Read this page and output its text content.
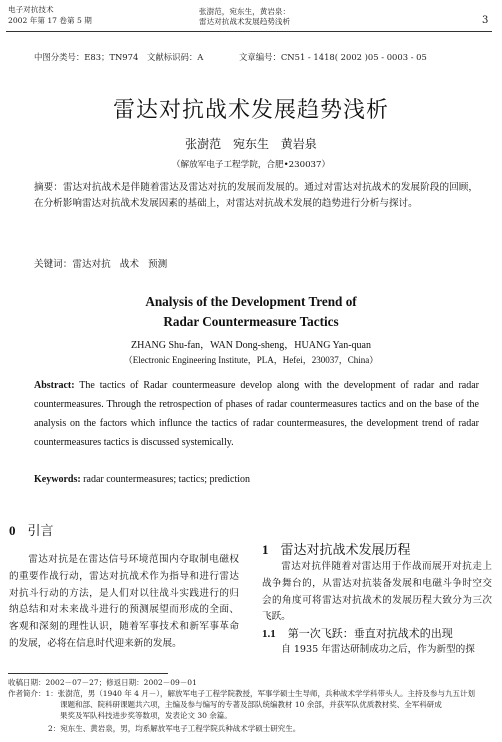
电子对抗技术
2002 年第 17 卷第 5 期
张澍范，宛东生，黄岩泉：
雷达对抗战术发展趋势浅析	3
中图分类号：E83；TN974 文献标识码：A	文章编号：CN51 - 1418( 2002 )05 - 0003 - 05
雷达对抗战术发展趋势浅析
张澍范 宛东生 黄岩泉
（解放军电子工程学院，合肥•230037）
摘要：雷达对抗战术是伴随着雷达及雷达对抗的发展而发展的。通过对雷达对抗战术的发展阶段的回顾，在分析影响雷达对抗战术发展因素的基础上，对雷达对抗战术发展的趋势进行分析与探讨。
关键词：雷达对抗 战术 预测
Analysis of the Development Trend of
Radar Countermeasure Tactics
ZHANG Shu-fan，WAN Dong-sheng，HUANG Yan-quan
（Electronic Engineering Institute，PLA，Hefei，230037，China）
Abstract: The tactics of Radar countermeasure develop along with the development of radar and radar countermeasures. Through the retrospection of phases of radar countermeasures tactics and on the base of the analysis on the factors which influnce the tactics of radar countermeasures, the development trend of radar countermeasures tactics is discussed systemically.
Keywords: radar countermeasures; tactics; prediction
0 引言

雷达对抗是在雷达信号环境范围内夺取制电磁权的重要作战行动，雷达对抗战术作为指导和进行雷达对抗斗行动的方法，是人们对以往战斗实践进行的归纳总结和对未来战斗进行的预测展望而形成的全面、客观和深刻的理性认识，随着军事技术和新军事革命的发展，必将在信息时代迎来新的发展。

1 雷达对抗战术发展历程

雷达对抗伴随着对雷达用于作战而展开对抗走上战争舞台的，从雷达对抗装备发展和电磁斗争时空交会的角度可将雷达对抗战术的发展历程大致分为三次飞跃。

1.1 第一次飞跃：垂直对抗战术的出现

自 1935 年雷达研制成功之后，作为新型的探

收稿日期：2002－07－27；修返日期：2002－09－01
作者简介：1：张澍范，男（1940 年 4 月－），解放军电子工程学院教授，军事学硕士生导师，兵种战术学学科带头人。主持及参与九五计划
课题和部、院科研课题共六项，主编及参与编写的专著及部队统编教材 10 余部，并获军队优质教材奖、全军科研成
果奖及军队科技进步奖等数项，发表论文 30 余篇。
2：宛东生、黄岩泉，男，均系解放军电子工程学院兵种战术学硕士研究生。
